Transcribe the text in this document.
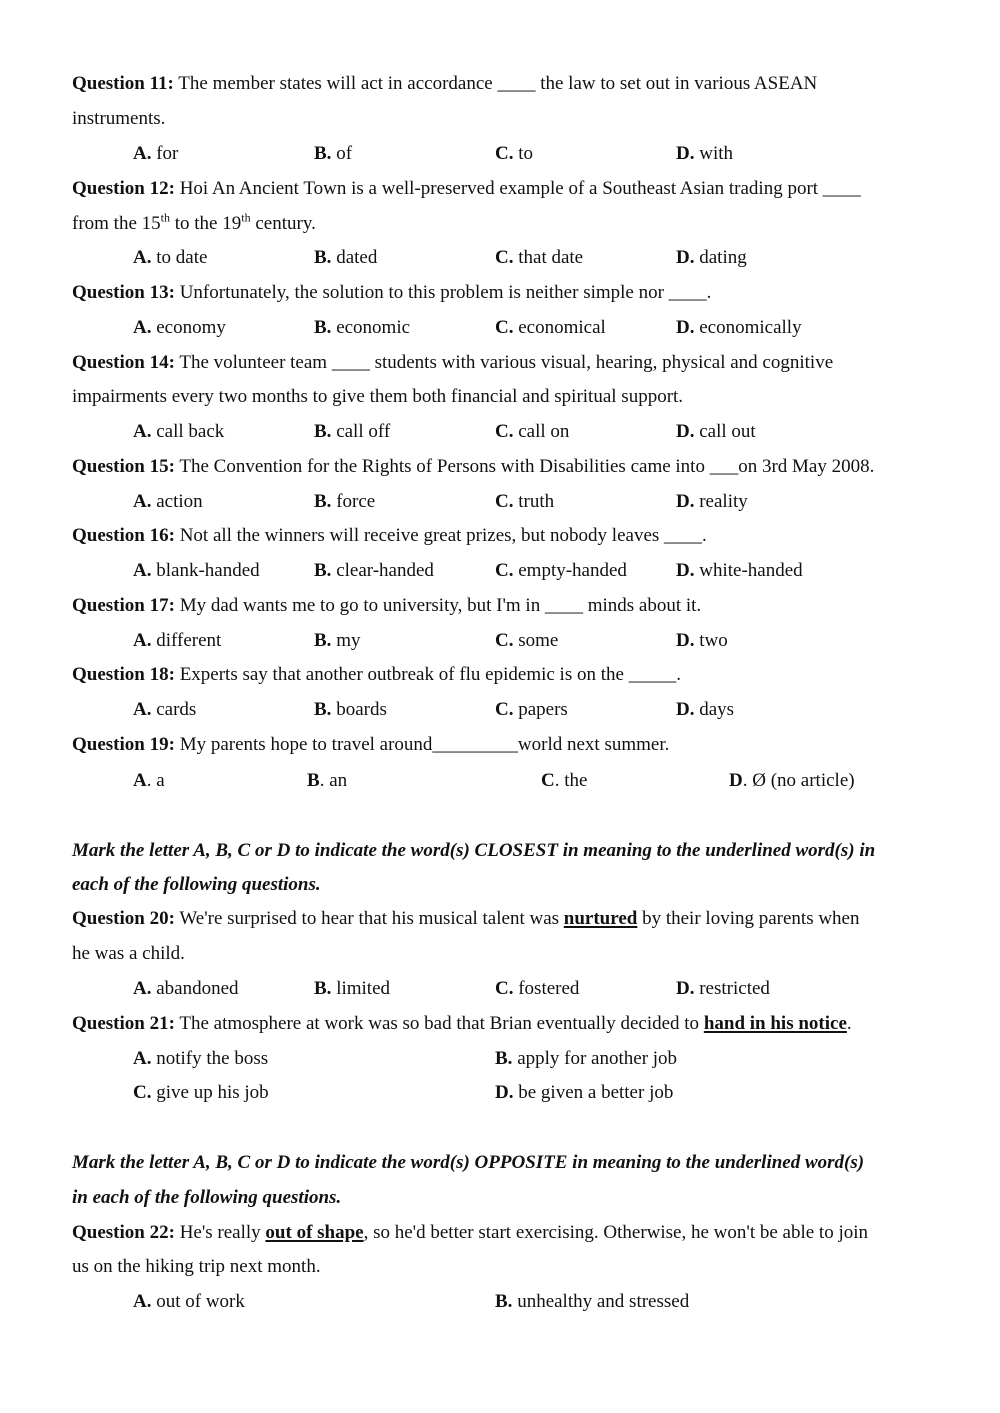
Question 11: The member states will act in accordance ____ the law to set out in various ASEAN
instruments.
A. for	B. of	C. to	D. with
Question 12: Hoi An Ancient Town is a well-preserved example of a Southeast Asian trading port ____
from the 15th to the 19th century.
A. to date	B. dated	C. that date	D. dating
Question 13: Unfortunately, the solution to this problem is neither simple nor ____.
A. economy	B. economic	C. economical	D. economically
Question 14: The volunteer team ____ students with various visual, hearing, physical and cognitive
impairments every two months to give them both financial and spiritual support.
A. call back	B. call off	C. call on	D. call out
Question 15: The Convention for the Rights of Persons with Disabilities came into ___on 3rd May 2008.
A. action	B. force	C. truth	D. reality
Question 16: Not all the winners will receive great prizes, but nobody leaves ____.
A. blank-handed	B. clear-handed	C. empty-handed	D. white-handed
Question 17: My dad wants me to go to university, but I'm in ____ minds about it.
A. different	B. my	C. some	D. two
Question 18: Experts say that another outbreak of flu epidemic is on the _____.
A. cards	B. boards	C. papers	D. days
Question 19: My parents hope to travel around_________world next summer.
A. a	B. an	C. the	D. Ø (no article)
Mark the letter A, B, C or D to indicate the word(s) CLOSEST in meaning to the underlined word(s) in
each of the following questions.
Question 20: We're surprised to hear that his musical talent was nurtured by their loving parents when
he was a child.
A. abandoned	B. limited	C. fostered	D. restricted
Question 21: The atmosphere at work was so bad that Brian eventually decided to hand in his notice.
A. notify the boss	B. apply for another job
C. give up his job	D. be given a better job
Mark the letter A, B, C or D to indicate the word(s) OPPOSITE in meaning to the underlined word(s)
in each of the following questions.
Question 22: He's really out of shape, so he'd better start exercising. Otherwise, he won't be able to join
us on the hiking trip next month.
A. out of work	B. unhealthy and stressed
